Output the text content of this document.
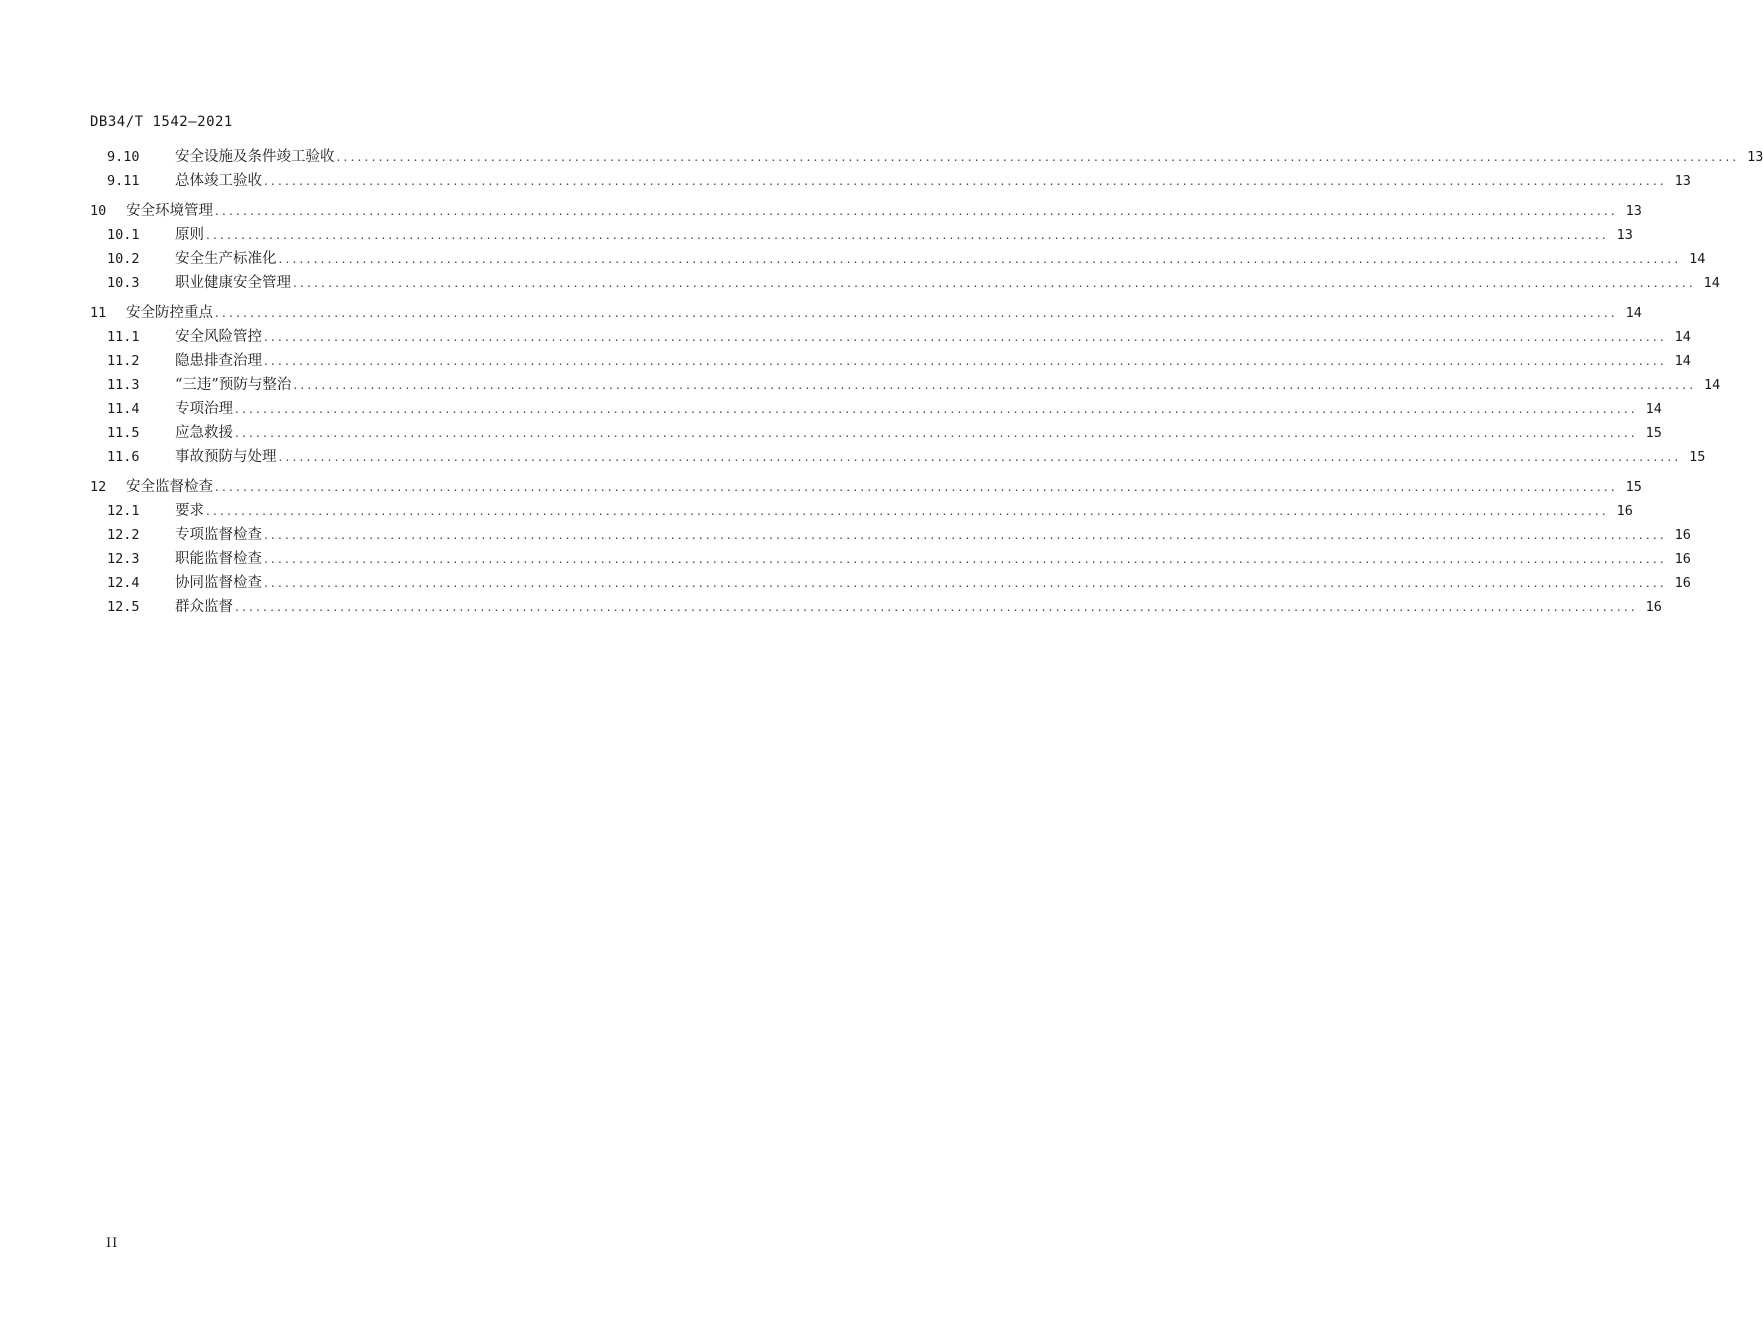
DB34/T 1542—2021
9.10	安全设施及条件竣工验收 ........................................................................................................................................................................................................ 13
9.11	总体竣工验收 ........................................................................................................................................................................................................ 13
10	安全环境管理 ........................................................................................................................................................................................................ 13
10.1	原则 ........................................................................................................................................................................................................ 13
10.2	安全生产标准化 ........................................................................................................................................................................................................ 14
10.3	职业健康安全管理 ........................................................................................................................................................................................................ 14
11	安全防控重点 ........................................................................................................................................................................................................ 14
11.1	安全风险管控 ........................................................................................................................................................................................................ 14
11.2	隐患排查治理 ........................................................................................................................................................................................................ 14
11.3	“三违”预防与整治 ........................................................................................................................................................................................................ 14
11.4	专项治理 ........................................................................................................................................................................................................ 14
11.5	应急救援 ........................................................................................................................................................................................................ 15
11.6	事故预防与处理 ........................................................................................................................................................................................................ 15
12	安全监督检查 ........................................................................................................................................................................................................ 15
12.1	要求 ........................................................................................................................................................................................................ 16
12.2	专项监督检查 ........................................................................................................................................................................................................ 16
12.3	职能监督检查 ........................................................................................................................................................................................................ 16
12.4	协同监督检查 ........................................................................................................................................................................................................ 16
12.5	群众监督 ........................................................................................................................................................................................................ 16
II
